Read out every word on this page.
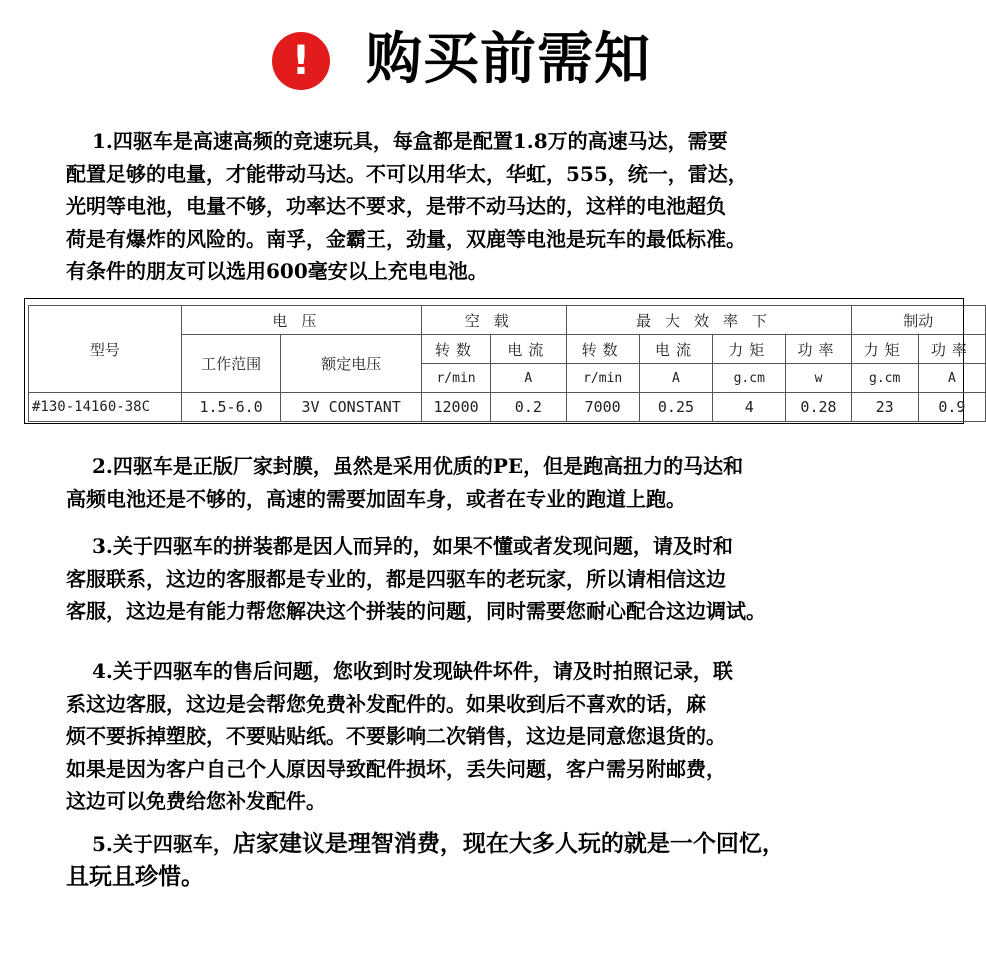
! 购买前需知
1.四驱车是高速高频的竞速玩具，每盒都是配置1.8万的高速马达，需要
配置足够的电量，才能带动马达。不可以用华太，华虹，555，统一，雷达，
光明等电池，电量不够，功率达不要求，是带不动马达的，这样的电池超负
荷是有爆炸的风险的。南孚，金霸王，劲量，双鹿等电池是玩车的最低标准。
有条件的朋友可以选用600毫安以上充电电池。
型号	电压		空载		最大效率下				制动	
	工作范围	额定电压	转数	电流	转数	电流	力矩	功率	力矩	功率
			r/min	A	r/min	A	g.cm	w	g.cm	A
#130-14160-38C	1.5-6.0	3V CONSTANT	12000	0.2	7000	0.25	4	0.28	23	0.9
2.四驱车是正版厂家封膜，虽然是采用优质的PE，但是跑高扭力的马达和
高频电池还是不够的，高速的需要加固车身，或者在专业的跑道上跑。
3.关于四驱车的拼装都是因人而异的，如果不懂或者发现问题，请及时和
客服联系，这边的客服都是专业的，都是四驱车的老玩家，所以请相信这边
客服，这边是有能力帮您解决这个拼装的问题，同时需要您耐心配合这边调试。
4.关于四驱车的售后问题，您收到时发现缺件坏件，请及时拍照记录，联
系这边客服，这边是会帮您免费补发配件的。如果收到后不喜欢的话，麻
烦不要拆掉塑胶，不要贴贴纸。不要影响二次销售，这边是同意您退货的。
如果是因为客户自己个人原因导致配件损坏，丢失问题，客户需另附邮费，
这边可以免费给您补发配件。
5.关于四驱车，店家建议是理智消费，现在大多人玩的就是一个回忆，
且玩且珍惜。
